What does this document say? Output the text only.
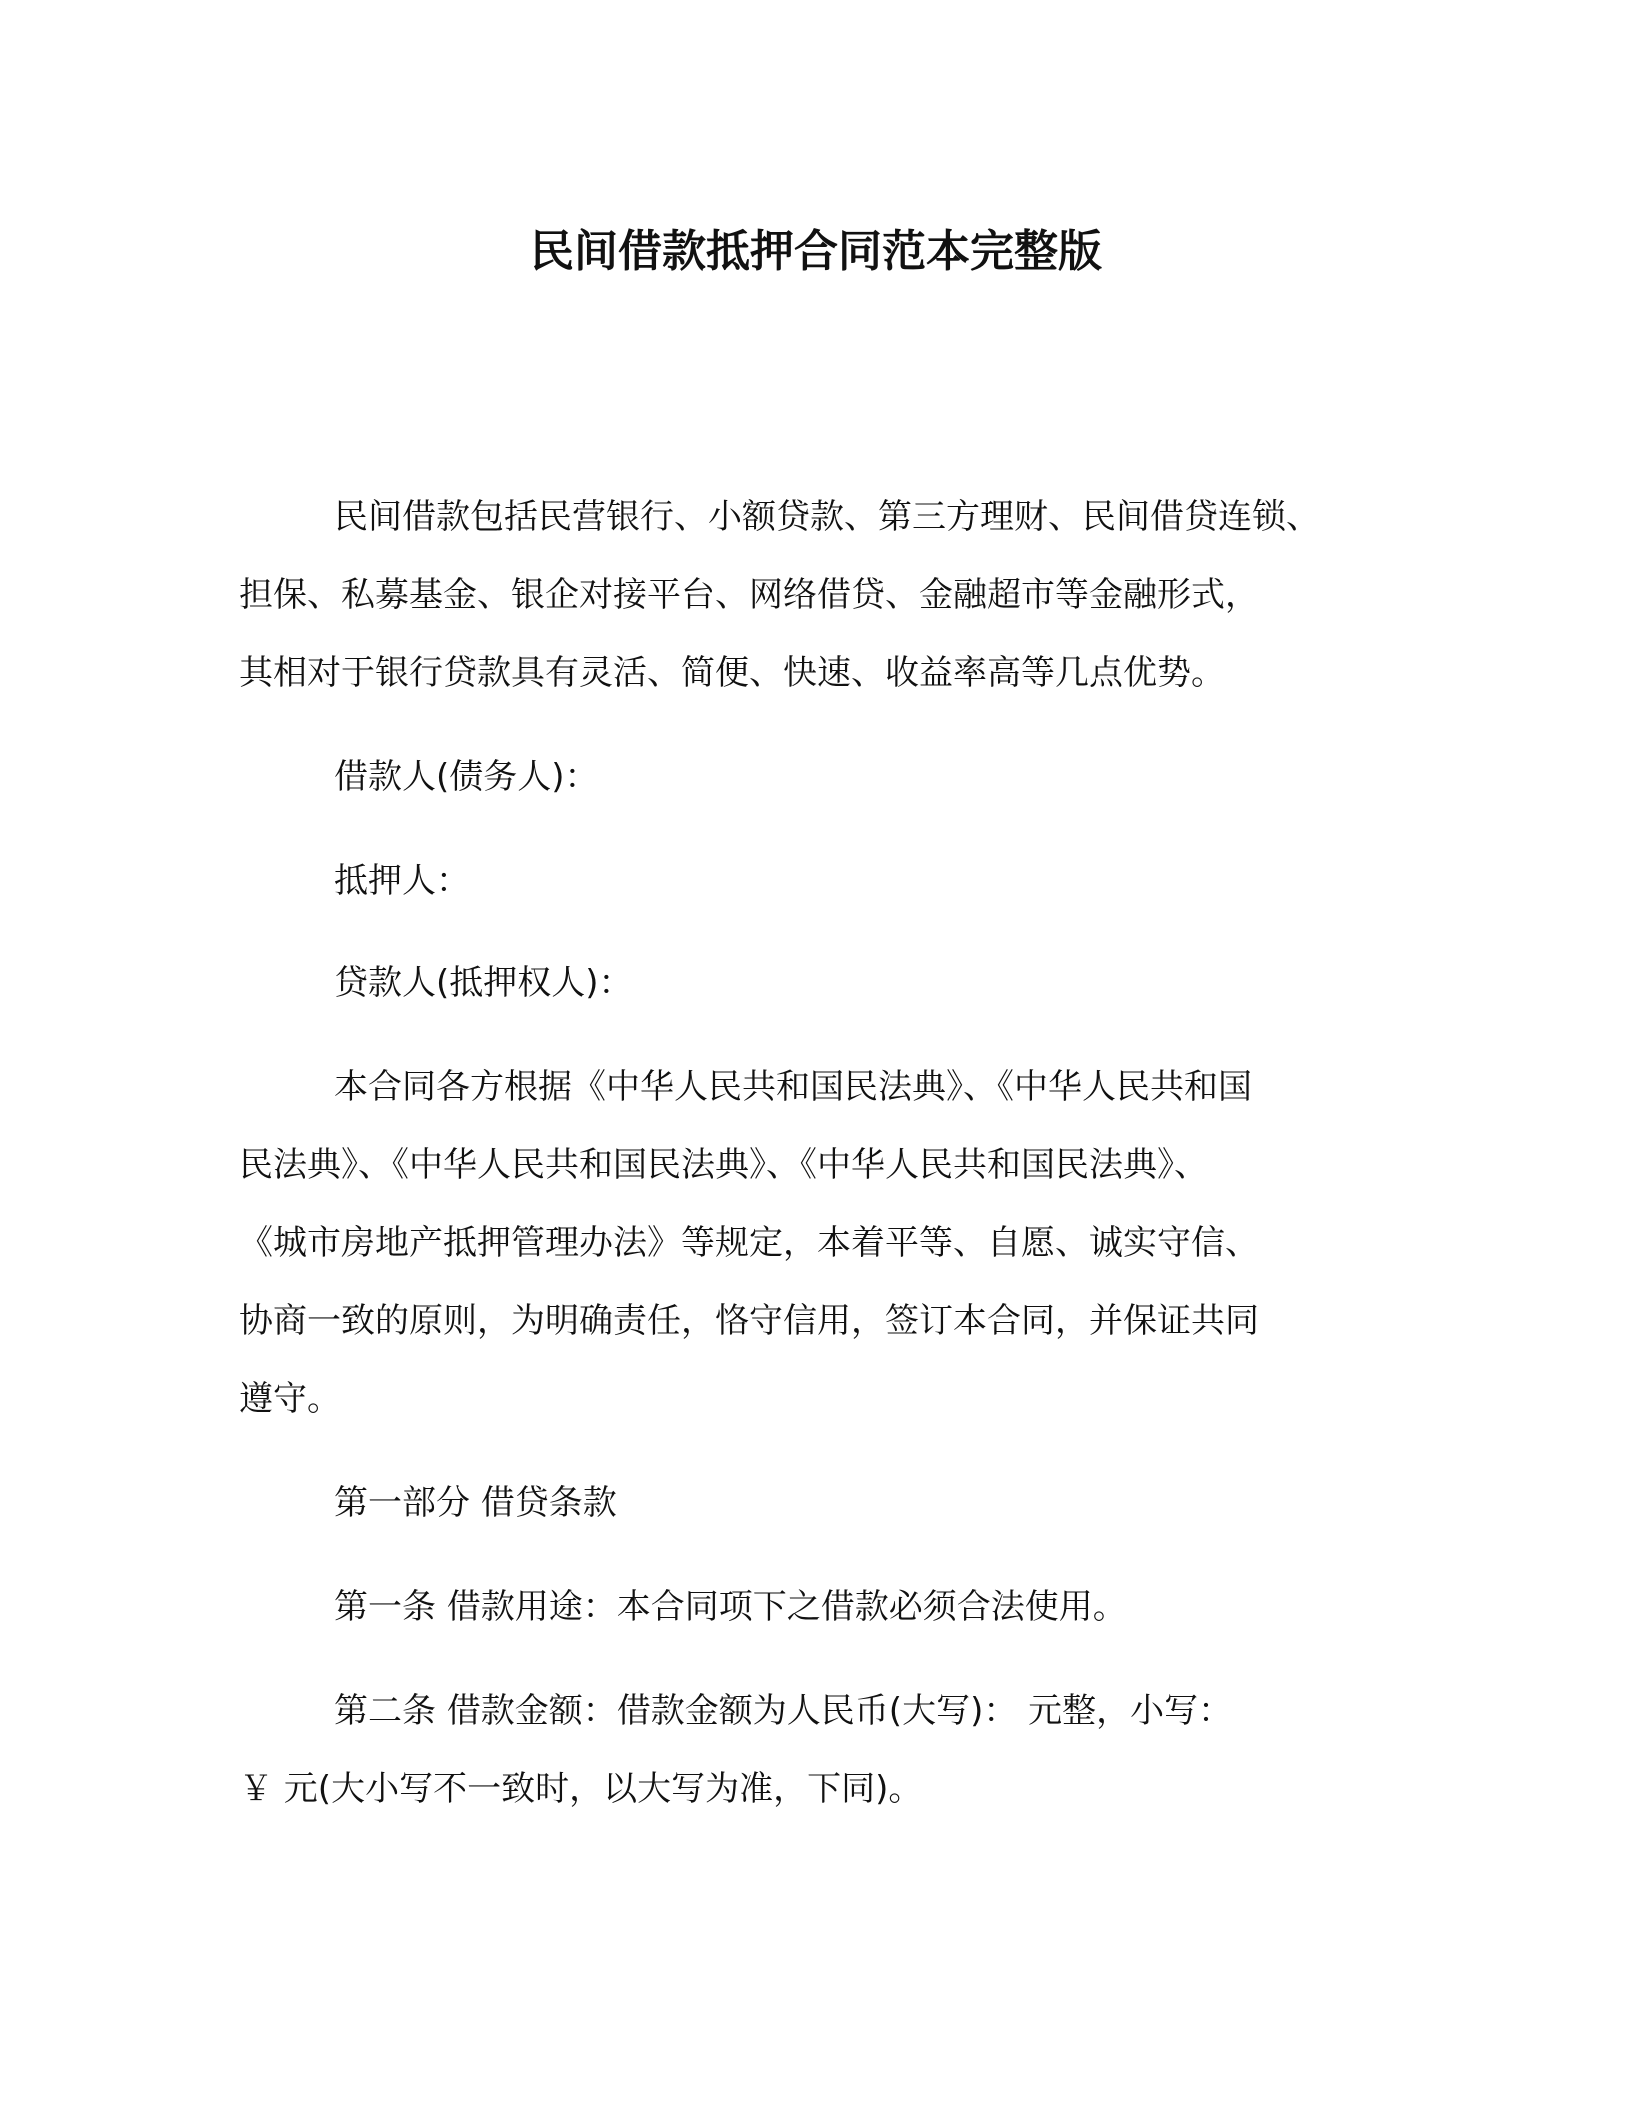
民间借款抵押合同范本完整版
民间借款包括民营银行、小额贷款、第三方理财、民间借贷连锁、
担保、私募基金、银企对接平台、网络借贷、金融超市等金融形式，
其相对于银行贷款具有灵活、简便、快速、收益率高等几点优势。
借款人(债务人)：
抵押人：
贷款人(抵押权人)：
本合同各方根据《中华人民共和国民法典》、《中华人民共和国
民法典》、《中华人民共和国民法典》、《中华人民共和国民法典》、
《城市房地产抵押管理办法》等规定，本着平等、自愿、诚实守信、
协商一致的原则，为明确责任，恪守信用，签订本合同，并保证共同
遵守。
第一部分 借贷条款
第一条 借款用途：本合同项下之借款必须合法使用。
第二条 借款金额：借款金额为人民币(大写)： 元整，小写：
￥ 元(大小写不一致时，以大写为准，下同)。
